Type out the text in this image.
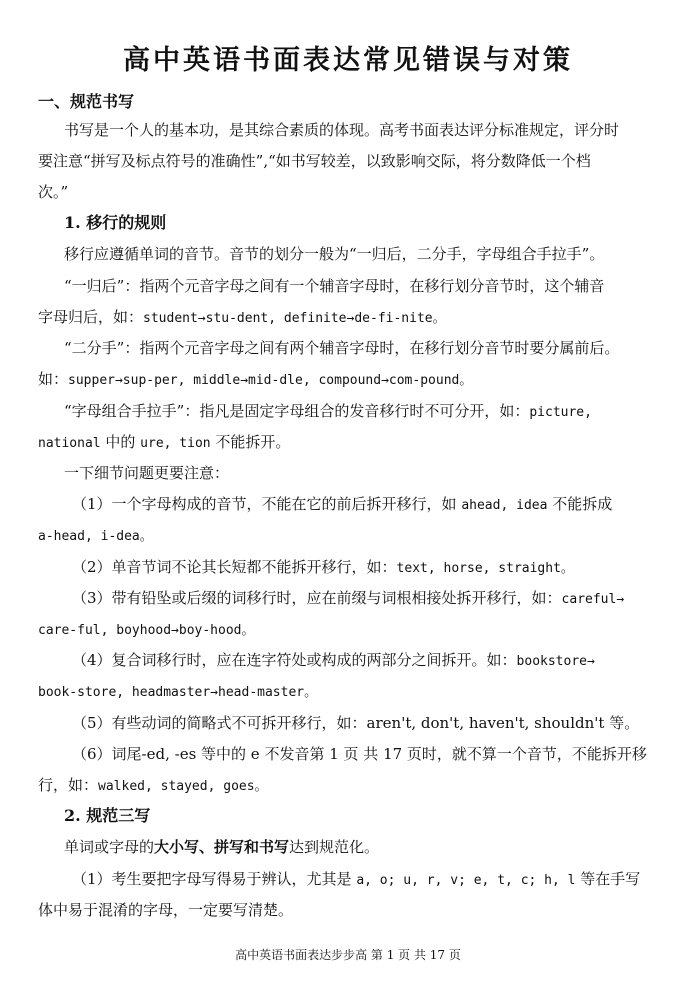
高中英语书面表达常见错误与对策
一、规范书写
书写是一个人的基本功，是其综合素质的体现。高考书面表达评分标准规定，评分时
要注意“拼写及标点符号的准确性”,“如书写较差，以致影响交际，将分数降低一个档
次。”
1. 移行的规则
移行应遵循单词的音节。音节的划分一般为“一归后，二分手，字母组合手拉手”。
“一归后”：指两个元音字母之间有一个辅音字母时，在移行划分音节时，这个辅音
字母归后，如：student→stu-dent, definite→de-fi-nite。
“二分手”：指两个元音字母之间有两个辅音字母时，在移行划分音节时要分属前后。
如：supper→sup-per, middle→mid-dle, compound→com-pound。
“字母组合手拉手”：指凡是固定字母组合的发音移行时不可分开，如：picture,
national 中的 ure, tion 不能拆开。
一下细节问题更要注意：
（1）一个字母构成的音节，不能在它的前后拆开移行，如 ahead, idea 不能拆成
a-head, i-dea。
（2）单音节词不论其长短都不能拆开移行，如：text, horse, straight。
（3）带有铅坠或后缀的词移行时，应在前缀与词根相接处拆开移行，如：careful→
care-ful, boyhood→boy-hood。
（4）复合词移行时，应在连字符处或构成的两部分之间拆开。如：bookstore→
book-store, headmaster→head-master。
（5）有些动词的简略式不可拆开移行，如：aren't, don't, haven't, shouldn't 等。
（6）词尾-ed, -es 等中的 e 不发音第 1 页 共 17 页时，就不算一个音节，不能拆开移
行，如：walked, stayed, goes。
2. 规范三写
单词或字母的大小写、拼写和书写达到规范化。
（1）考生要把字母写得易于辨认，尤其是 a, o; u, r, v; e, t, c; h, l 等在手写
体中易于混淆的字母，一定要写清楚。
高中英语书面表达步步高 第 1 页 共 17 页
